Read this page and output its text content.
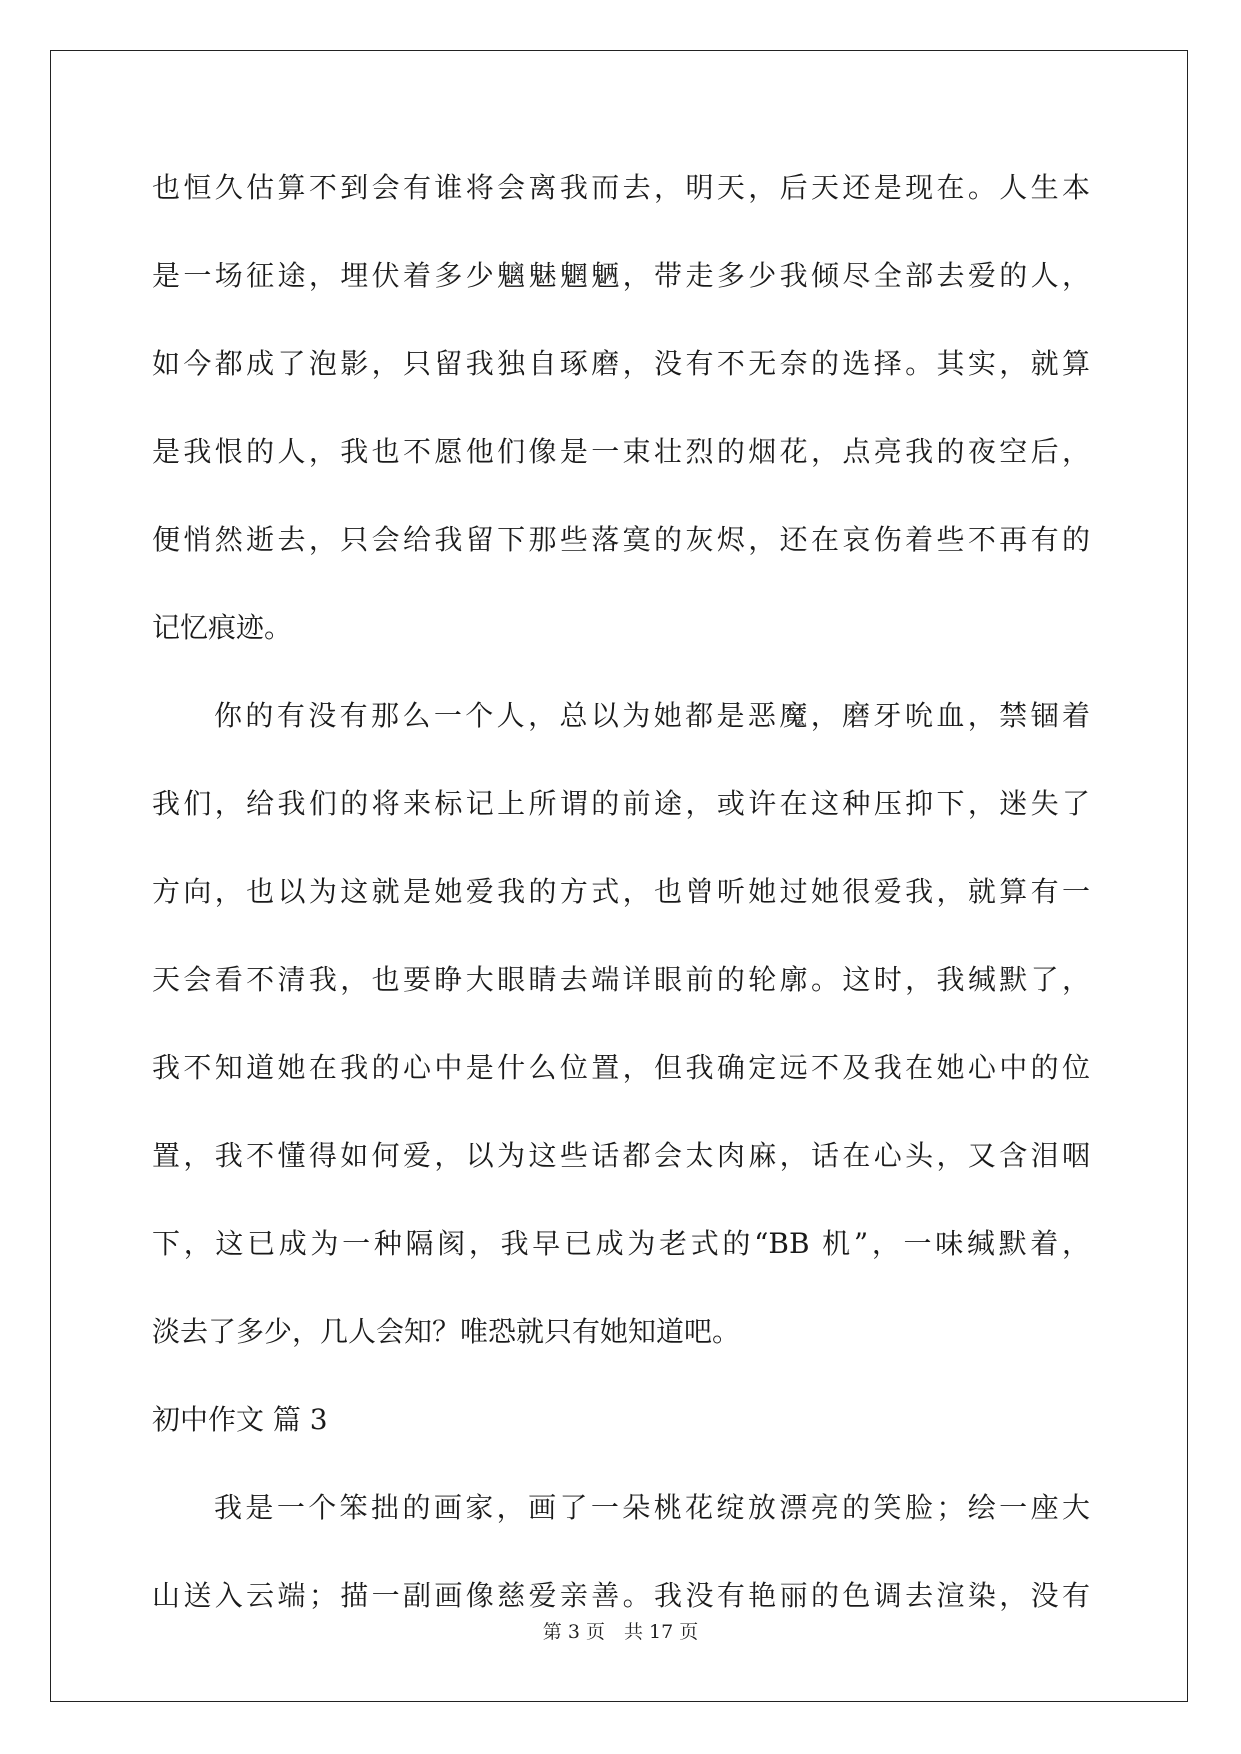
也恒久估算不到会有谁将会离我而去，明天，后天还是现在。人生本
是一场征途，埋伏着多少魑魅魍魉，带走多少我倾尽全部去爱的人，
如今都成了泡影，只留我独自琢磨，没有不无奈的选择。其实，就算
是我恨的人，我也不愿他们像是一束壮烈的烟花，点亮我的夜空后，
便悄然逝去，只会给我留下那些落寞的灰烬，还在哀伤着些不再有的
记忆痕迹。
你的有没有那么一个人，总以为她都是恶魔，磨牙吮血，禁锢着
我们，给我们的将来标记上所谓的前途，或许在这种压抑下，迷失了
方向，也以为这就是她爱我的方式，也曾听她过她很爱我，就算有一
天会看不清我，也要睁大眼睛去端详眼前的轮廓。这时，我缄默了，
我不知道她在我的心中是什么位置，但我确定远不及我在她心中的位
置，我不懂得如何爱，以为这些话都会太肉麻，话在心头，又含泪咽
下，这已成为一种隔阂，我早已成为老式的“BB 机”，一味缄默着，
淡去了多少，几人会知？唯恐就只有她知道吧。
初中作文 篇 3
我是一个笨拙的画家，画了一朵桃花绽放漂亮的笑脸；绘一座大
山送入云端；描一副画像慈爱亲善。我没有艳丽的色调去渲染，没有
第 3 页　共 17 页
